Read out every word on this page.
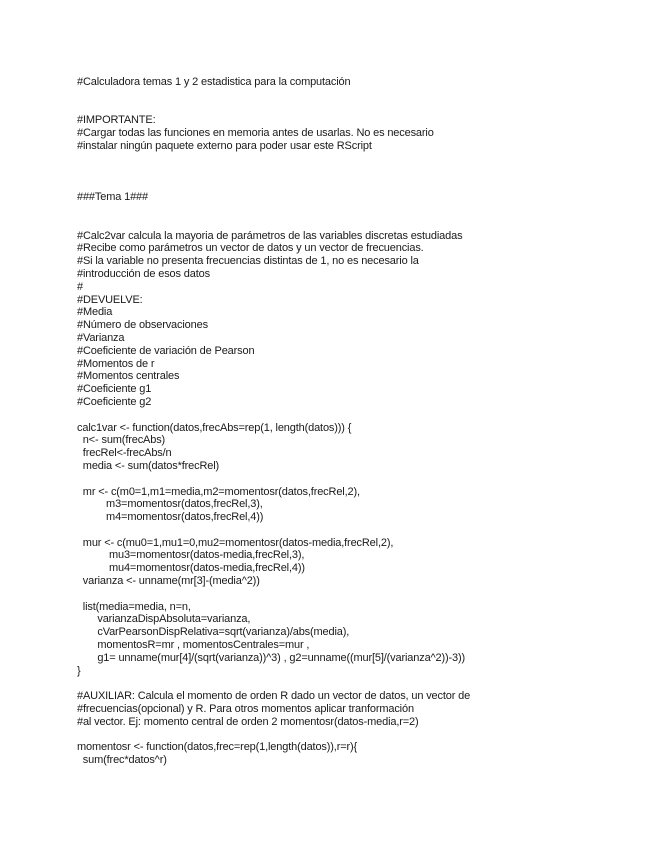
#Calculadora temas 1 y 2 estadistica para la computación
#IMPORTANTE:
#Cargar todas las funciones en memoria antes de usarlas. No es necesario
#instalar ningún paquete externo para poder usar este RScript
###Tema 1###
#Calc2var calcula la mayoria de parámetros de las variables discretas estudiadas
#Recibe como parámetros un vector de datos y un vector de frecuencias.
#Si la variable no presenta frecuencias distintas de 1, no es necesario la
#introducción de esos datos
#
#DEVUELVE:
#Media
#Número de observaciones
#Varianza
#Coeficiente de variación de Pearson
#Momentos de r
#Momentos centrales
#Coeficiente g1
#Coeficiente g2
calc1var <- function(datos,frecAbs=rep(1, length(datos))) {
n<- sum(frecAbs)
frecRel<-frecAbs/n
media <- sum(datos*frecRel)
mr <- c(m0=1,m1=media,m2=momentosr(datos,frecRel,2),
m3=momentosr(datos,frecRel,3),
m4=momentosr(datos,frecRel,4))
mur <- c(mu0=1,mu1=0,mu2=momentosr(datos-media,frecRel,2),
mu3=momentosr(datos-media,frecRel,3),
mu4=momentosr(datos-media,frecRel,4))
varianza <- unname(mr[3]-(media^2))
list(media=media, n=n,
varianzaDispAbsoluta=varianza,
cVarPearsonDispRelativa=sqrt(varianza)/abs(media),
momentosR=mr , momentosCentrales=mur ,
g1= unname(mur[4]/(sqrt(varianza))^3) , g2=unname((mur[5]/(varianza^2))-3))
}
#AUXILIAR: Calcula el momento de orden R dado un vector de datos, un vector de
#frecuencias(opcional) y R. Para otros momentos aplicar tranformación
#al vector. Ej: momento central de orden 2 momentosr(datos-media,r=2)
momentosr <- function(datos,frec=rep(1,length(datos)),r=r){
sum(frec*datos^r)
